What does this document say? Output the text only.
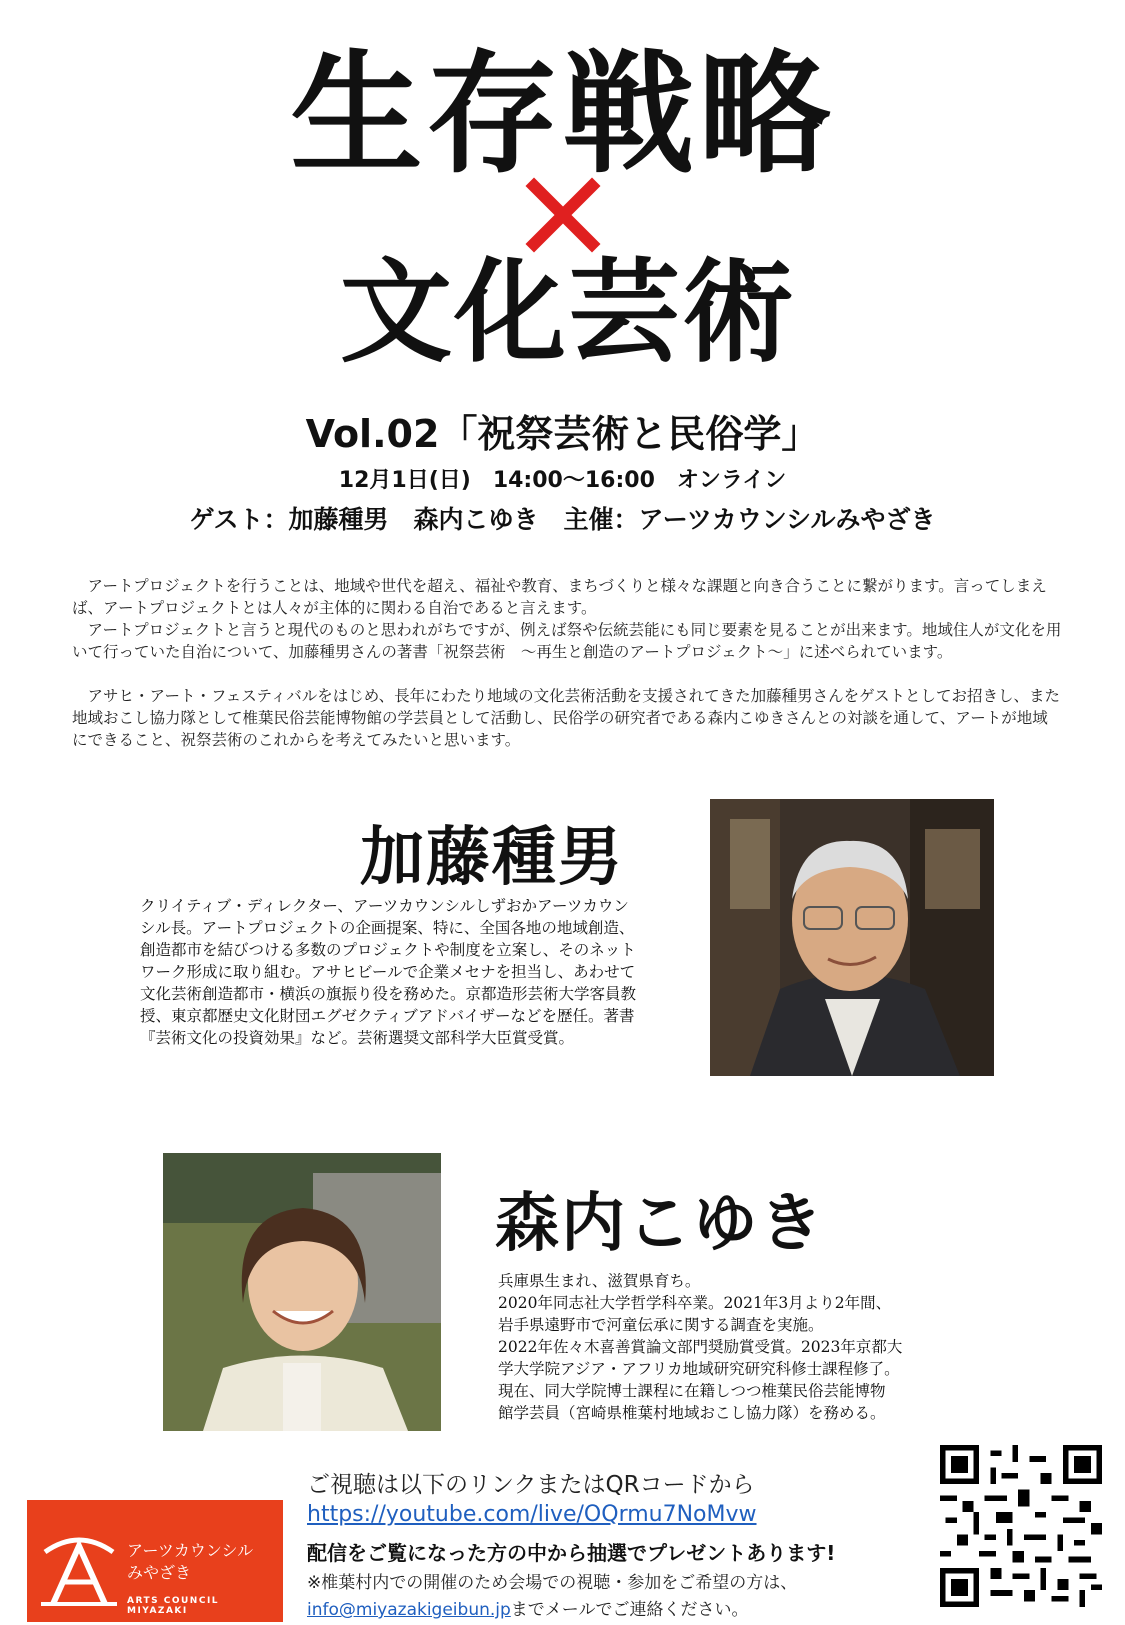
生存戦略
文化芸術
Vol.02「祝祭芸術と民俗学」
12月1日(日)　14:00～16:00　オンライン
ゲスト：加藤種男　森内こゆき　主催：アーツカウンシルみやざき

アートプロジェクトを行うことは、地域や世代を超え、福祉や教育、まちづくりと様々な課題と向き合うことに繋がります。言ってしまえば、アートプロジェクトとは人々が主体的に関わる自治であると言えます。

アートプロジェクトと言うと現代のものと思われがちですが、例えば祭や伝統芸能にも同じ要素を見ることが出来ます。地域住人が文化を用いて行っていた自治について、加藤種男さんの著書「祝祭芸術　～再生と創造のアートプロジェクト～」に述べられています。

アサヒ・アート・フェスティバルをはじめ、長年にわたり地域の文化芸術活動を支援されてきた加藤種男さんをゲストとしてお招きし、また地域おこし協力隊として椎葉民俗芸能博物館の学芸員として活動し、民俗学の研究者である森内こゆきさんとの対談を通して、アートが地域にできること、祝祭芸術のこれからを考えてみたいと思います。

加藤種男
クリイティブ・ディレクター、アーツカウンシルしずおかアーツカウンシル長。アートプロジェクトの企画提案、特に、全国各地の地域創造、創造都市を結びつける多数のプロジェクトや制度を立案し、そのネットワーク形成に取り組む。アサヒビールで企業メセナを担当し、あわせて文化芸術創造都市・横浜の旗振り役を務めた。京都造形芸術大学客員教授、東京都歴史文化財団エグゼクティブアドバイザーなどを歴任。著書『芸術文化の投資効果』など。芸術選奨文部科学大臣賞受賞。
森内こゆき
兵庫県生まれ、滋賀県育ち。
2020年同志社大学哲学科卒業。2021年3月より2年間、
岩手県遠野市で河童伝承に関する調査を実施。
2022年佐々木喜善賞論文部門奨励賞受賞。2023年京都大
学大学院アジア・アフリカ地域研究研究科修士課程修了。
現在、同大学院博士課程に在籍しつつ椎葉民俗芸能博物
館学芸員（宮崎県椎葉村地域おこし協力隊）を務める。
アーツカウンシル
みやざき
ARTS COUNCIL MIYAZAKI
ご視聴は以下のリンクまたはQRコードから
https://youtube.com/live/OQrmu7NoMvw
配信をご覧になった方の中から抽選でプレゼントあります!
※椎葉村内での開催のため会場での視聴・参加をご希望の方は、
info@miyazakigeibun.jpまでメールでご連絡ください。
